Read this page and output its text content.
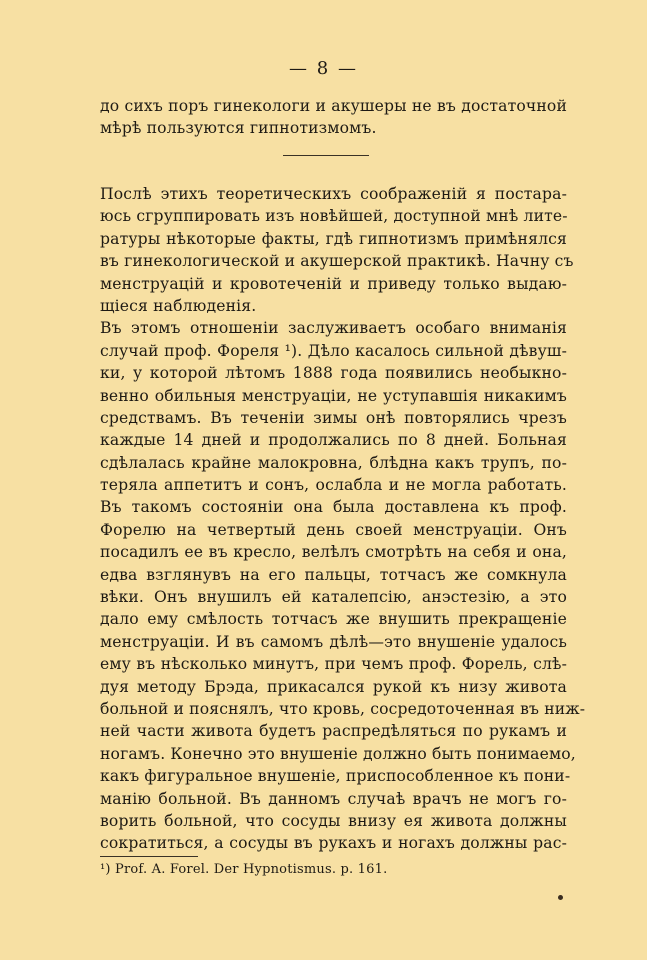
— 8 —
до сихъ поръ гинекологи и акушеры не въ достаточной
мѣрѣ пользуются гипнотизмомъ.
Послѣ этихъ теоретическихъ соображеній я постара-
юсь сгруппировать изъ новѣйшей, доступной мнѣ лите-
ратуры нѣкоторые факты, гдѣ гипнотизмъ примѣнялся
въ гинекологической и акушерской практикѣ. Начну съ
менструацій и кровотеченій и приведу только выдаю-
щіеся наблюденія.
Въ этомъ отношеніи заслуживаетъ особаго вниманія
случай проф. Фореля ¹). Дѣло касалось сильной дѣвуш-
ки, у которой лѣтомъ 1888 года появились необыкно-
венно обильныя менструаціи, не уступавшія никакимъ
средствамъ. Въ теченіи зимы онѣ повторялись чрезъ
каждые 14 дней и продолжались по 8 дней. Больная
сдѣлалась крайне малокровна, блѣдна какъ трупъ, по-
теряла аппетитъ и сонъ, ослабла и не могла работать.
Въ такомъ состояніи она была доставлена къ проф.
Форелю на четвертый день своей менструаціи. Онъ
посадилъ ее въ кресло, велѣлъ смотрѣть на себя и она,
едва взглянувъ на его пальцы, тотчасъ же сомкнула
вѣки. Онъ внушилъ ей каталепсію, анэстезію, а это
дало ему смѣлость тотчасъ же внушить прекращеніе
менструаціи. И въ самомъ дѣлѣ—это внушеніе удалось
ему въ нѣсколько минутъ, при чемъ проф. Форель, слѣ-
дуя методу Брэда, прикасался рукой къ низу живота
больной и пояснялъ, что кровь, сосредоточенная въ ниж-
ней части живота будетъ распредѣляться по рукамъ и
ногамъ. Конечно это внушеніе должно быть понимаемо,
какъ фигуральное внушеніе, приспособленное къ пони-
манію больной. Въ данномъ случаѣ врачъ не могъ го-
ворить больной, что сосуды внизу ея живота должны
сократиться, а сосуды въ рукахъ и ногахъ должны рас-
¹) Prof. A. Forel. Der Hypnotismus. p. 161.
